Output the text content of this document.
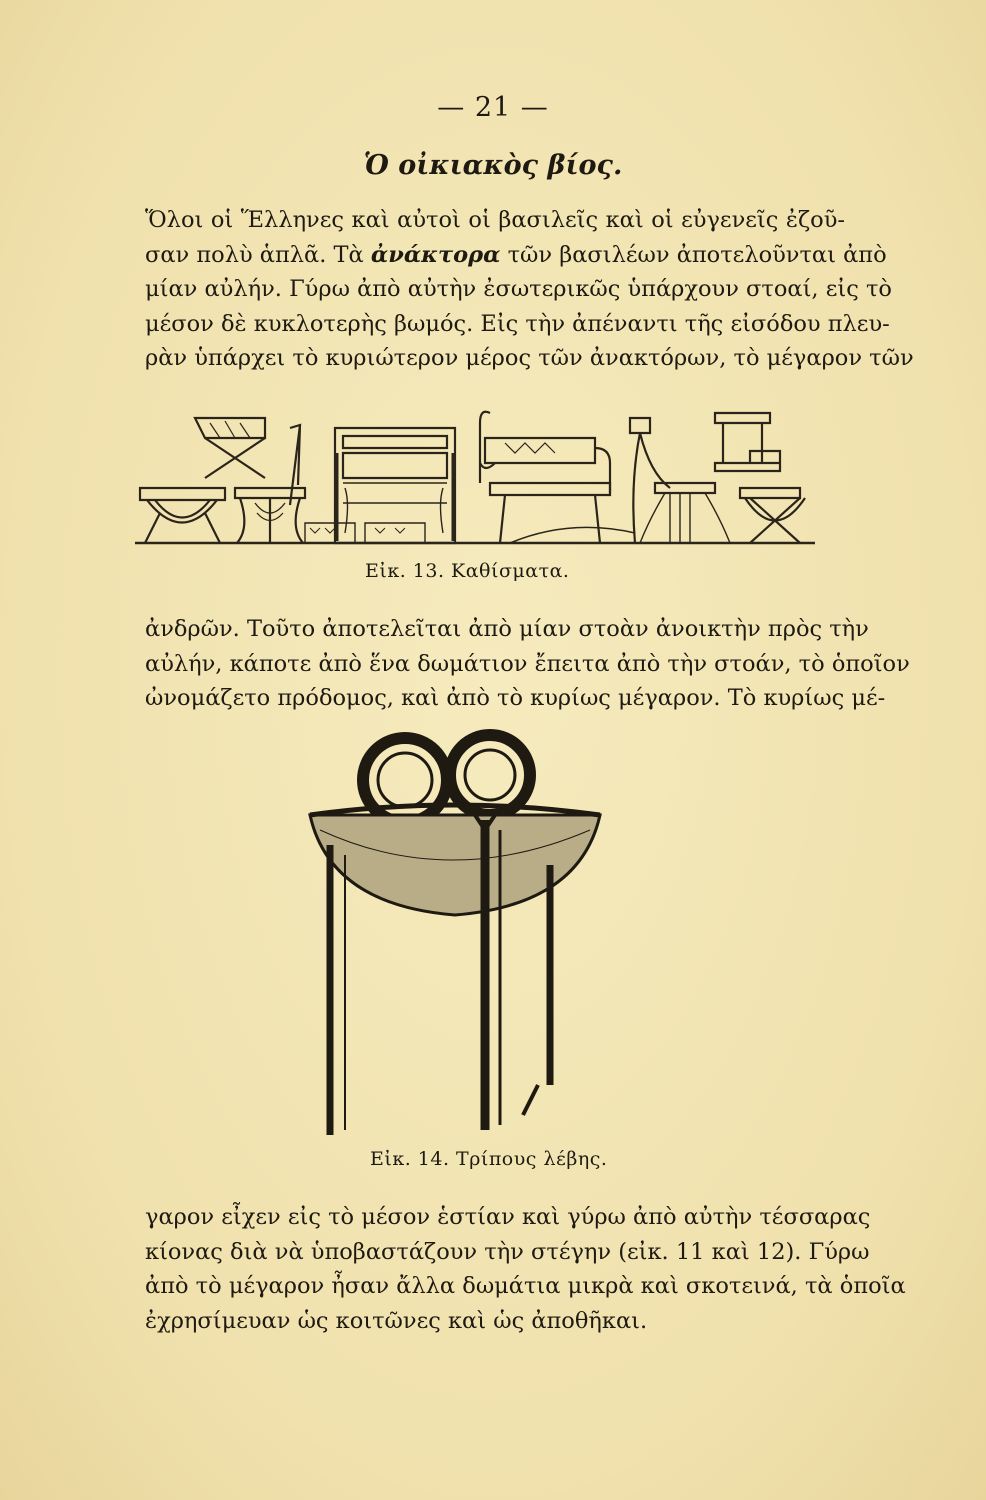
— 21 —
Ὁ οἰκιακὸς βίος.
Ὅλοι οἱ Ἕλληνες καὶ αὐτοὶ οἱ βασιλεῖς καὶ οἱ εὐγενεῖς ἐζοῦ-
σαν πολὺ ἁπλᾶ. Τὰ ἀνάκτορα τῶν βασιλέων ἀποτελοῦνται ἀπὸ
μίαν αὐλήν. Γύρω ἀπὸ αὐτὴν ἐσωτερικῶς ὑπάρχουν στοαί, εἰς τὸ
μέσον δὲ κυκλοτερὴς βωμός. Εἰς τὴν ἀπέναντι τῆς εἰσόδου πλευ-
ρὰν ὑπάρχει τὸ κυριώτερον μέρος τῶν ἀνακτόρων, τὸ μέγαρον τῶν
Εἰκ. 13. Καθίσματα.
ἀνδρῶν. Τοῦτο ἀποτελεῖται ἀπὸ μίαν στοὰν ἀνοικτὴν πρὸς τὴν
αὐλήν, κάποτε ἀπὸ ἕνα δωμάτιον ἔπειτα ἀπὸ τὴν στοάν, τὸ ὁποῖον
ὠνομάζετο πρόδομος, καὶ ἀπὸ τὸ κυρίως μέγαρον. Τὸ κυρίως μέ-
Εἰκ. 14. Τρίπους λέβης.
γαρον εἶχεν εἰς τὸ μέσον ἑστίαν καὶ γύρω ἀπὸ αὐτὴν τέσσαρας
κίονας διὰ νὰ ὑποβαστάζουν τὴν στέγην (εἰκ. 11 καὶ 12). Γύρω
ἀπὸ τὸ μέγαρον ἦσαν ἄλλα δωμάτια μικρὰ καὶ σκοτεινά, τὰ ὁποῖα
ἐχρησίμευαν ὡς κοιτῶνες καὶ ὡς ἀποθῆκαι.
